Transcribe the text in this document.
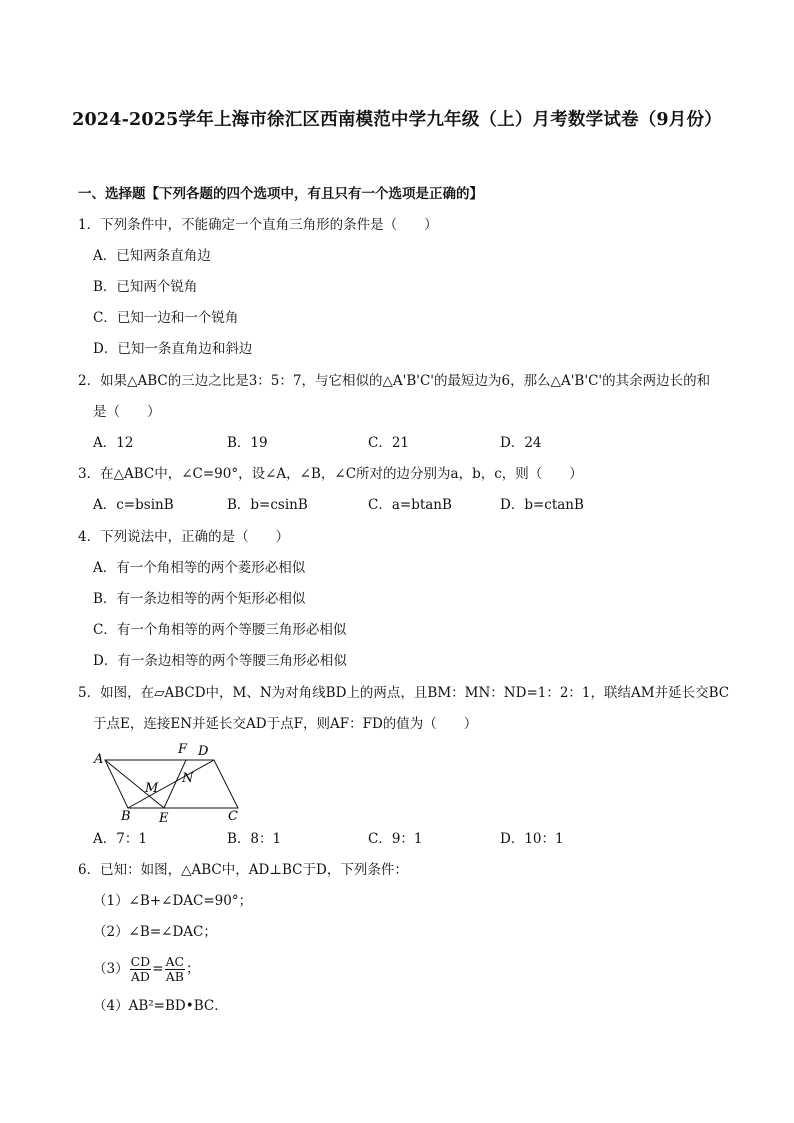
2024-2025学年上海市徐汇区西南模范中学九年级（上）月考数学试卷（9月份）
一、选择题【下列各题的四个选项中，有且只有一个选项是正确的】
1．下列条件中，不能确定一个直角三角形的条件是（　　）
A．已知两条直角边
B．已知两个锐角
C．已知一边和一个锐角
D．已知一条直角边和斜边
2．如果△ABC的三边之比是3：5：7，与它相似的△A'B'C'的最短边为6，那么△A'B'C'的其余两边长的和
是（　　）
A．12	B．19	C．21	D．24
3．在△ABC中，∠C=90°，设∠A，∠B，∠C所对的边分别为a，b，c，则（　　）
A．c=bsinB	B．b=csinB	C．a=btanB	D．b=ctanB
4．下列说法中，正确的是（　　）
A．有一个角相等的两个菱形必相似
B．有一条边相等的两个矩形必相似
C．有一个角相等的两个等腰三角形必相似
D．有一条边相等的两个等腰三角形必相似
5．如图，在▱ABCD中，M、N为对角线BD上的两点，且BM：MN：ND=1：2：1，联结AM并延长交BC
于点E，连接EN并延长交AD于点F，则AF：FD的值为（　　）
A
D
F
M
N
B E	C
A．7：1	B．8：1	C．9：1	D．10：1
6．已知：如图，△ABC中，AD⊥BC于D，下列条件：
（1）∠B+∠DAC=90°；
（2）∠B=∠DAC；
$(3) \frac{CD}{AD} = \frac{AC}{AB}$ ；
（4）AB²=BD•BC．
